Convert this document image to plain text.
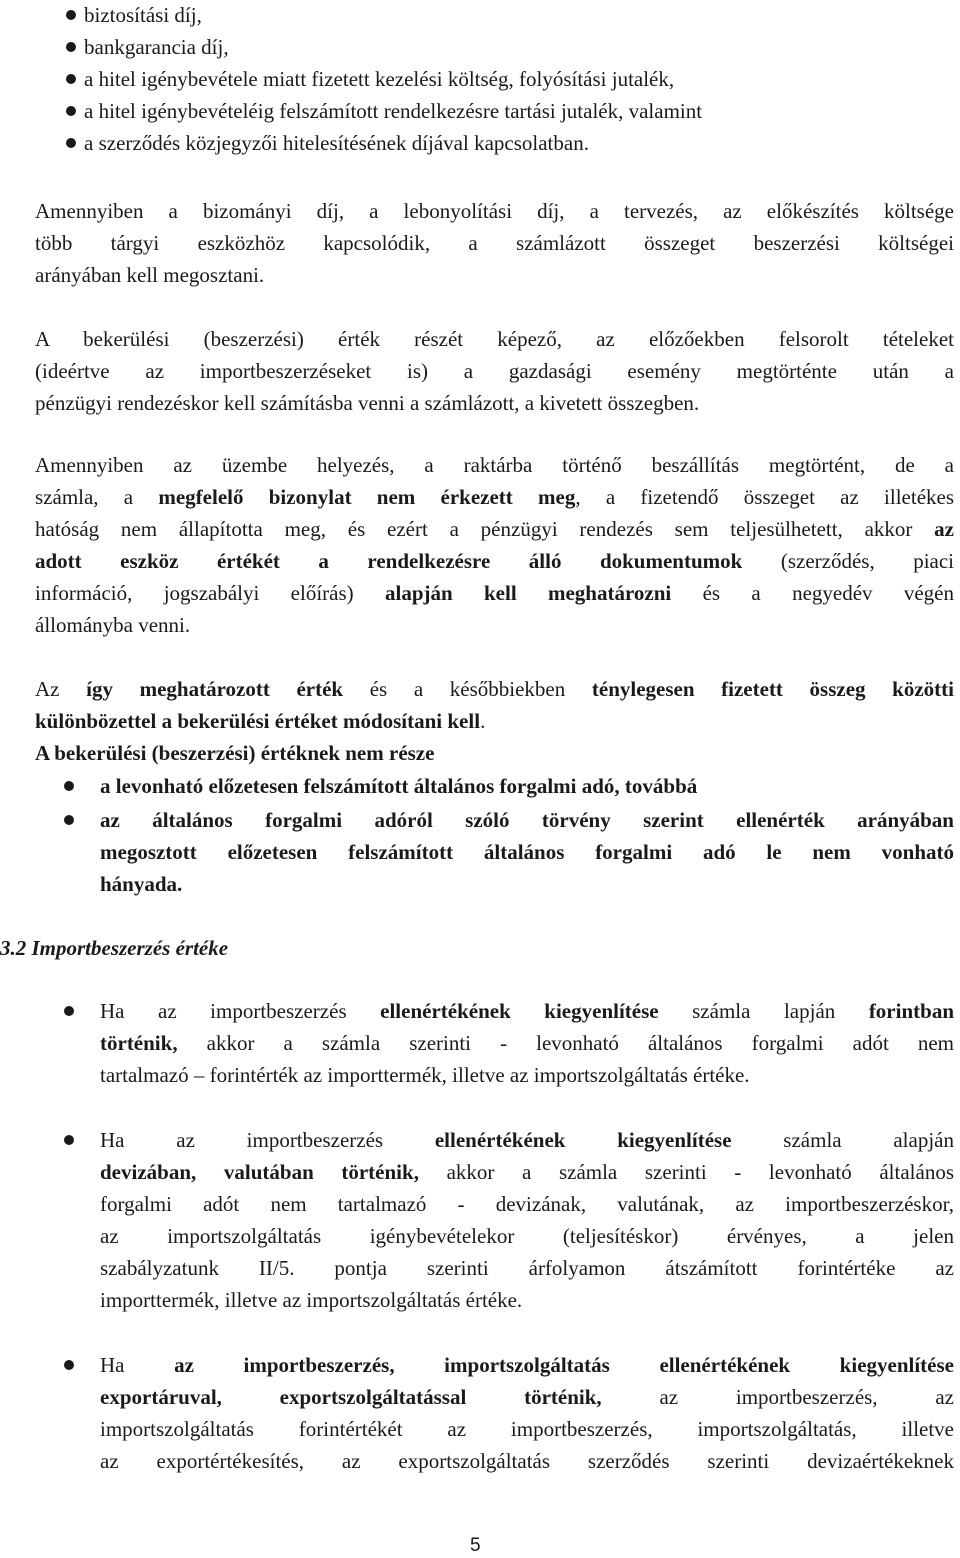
biztosítási díj,
bankgarancia díj,
a hitel igénybevétele miatt fizetett kezelési költség, folyósítási jutalék,
a hitel igénybevételéig felszámított rendelkezésre tartási jutalék, valamint
a szerződés közjegyzői hitelesítésének díjával kapcsolatban.
Amennyiben a bizományi díj, a lebonyolítási díj, a tervezés, az előkészítés költsége
több tárgyi eszközhöz kapcsolódik, a számlázott összeget beszerzési költségei
arányában kell megosztani.
A bekerülési (beszerzési) érték részét képező, az előzőekben felsorolt tételeket
(ideértve az importbeszerzéseket is) a gazdasági esemény megtörténte után a
pénzügyi rendezéskor kell számításba venni a számlázott, a kivetett összegben.
Amennyiben az üzembe helyezés, a raktárba történő beszállítás megtörtént, de a
számla, a megfelelő bizonylat nem érkezett meg, a fizetendő összeget az illetékes
hatóság nem állapította meg, és ezért a pénzügyi rendezés sem teljesülhetett, akkor az
adott eszköz értékét a rendelkezésre álló dokumentumok (szerződés, piaci
információ, jogszabályi előírás) alapján kell meghatározni és a negyedév végén
állományba venni.
Az így meghatározott érték és a későbbiekben ténylegesen fizetett összeg közötti
különbözettel a bekerülési értéket módosítani kell.
A bekerülési (beszerzési) értéknek nem része
a levonható előzetesen felszámított általános forgalmi adó, továbbá
az általános forgalmi adóról szóló törvény szerint ellenérték arányában
megosztott előzetesen felszámított általános forgalmi adó le nem vonható
hányada.
3.2 Importbeszerzés értéke
Ha az importbeszerzés ellenértékének kiegyenlítése számla lapján forintban
történik, akkor a számla szerinti - levonható általános forgalmi adót nem
tartalmazó – forintérték az importtermék, illetve az importszolgáltatás értéke.
Ha az importbeszerzés ellenértékének kiegyenlítése számla alapján
devizában, valutában történik, akkor a számla szerinti - levonható általános
forgalmi adót nem tartalmazó - devizának, valutának, az importbeszerzéskor,
az importszolgáltatás igénybevételekor (teljesítéskor) érvényes, a jelen
szabályzatunk II/5. pontja szerinti árfolyamon átszámított forintértéke az
importtermék, illetve az importszolgáltatás értéke.
Ha az importbeszerzés, importszolgáltatás ellenértékének kiegyenlítése
exportáruval, exportszolgáltatással történik, az importbeszerzés, az
importszolgáltatás forintértékét az importbeszerzés, importszolgáltatás, illetve
az exportértékesítés, az exportszolgáltatás szerződés szerinti devizaértékeknek
5
